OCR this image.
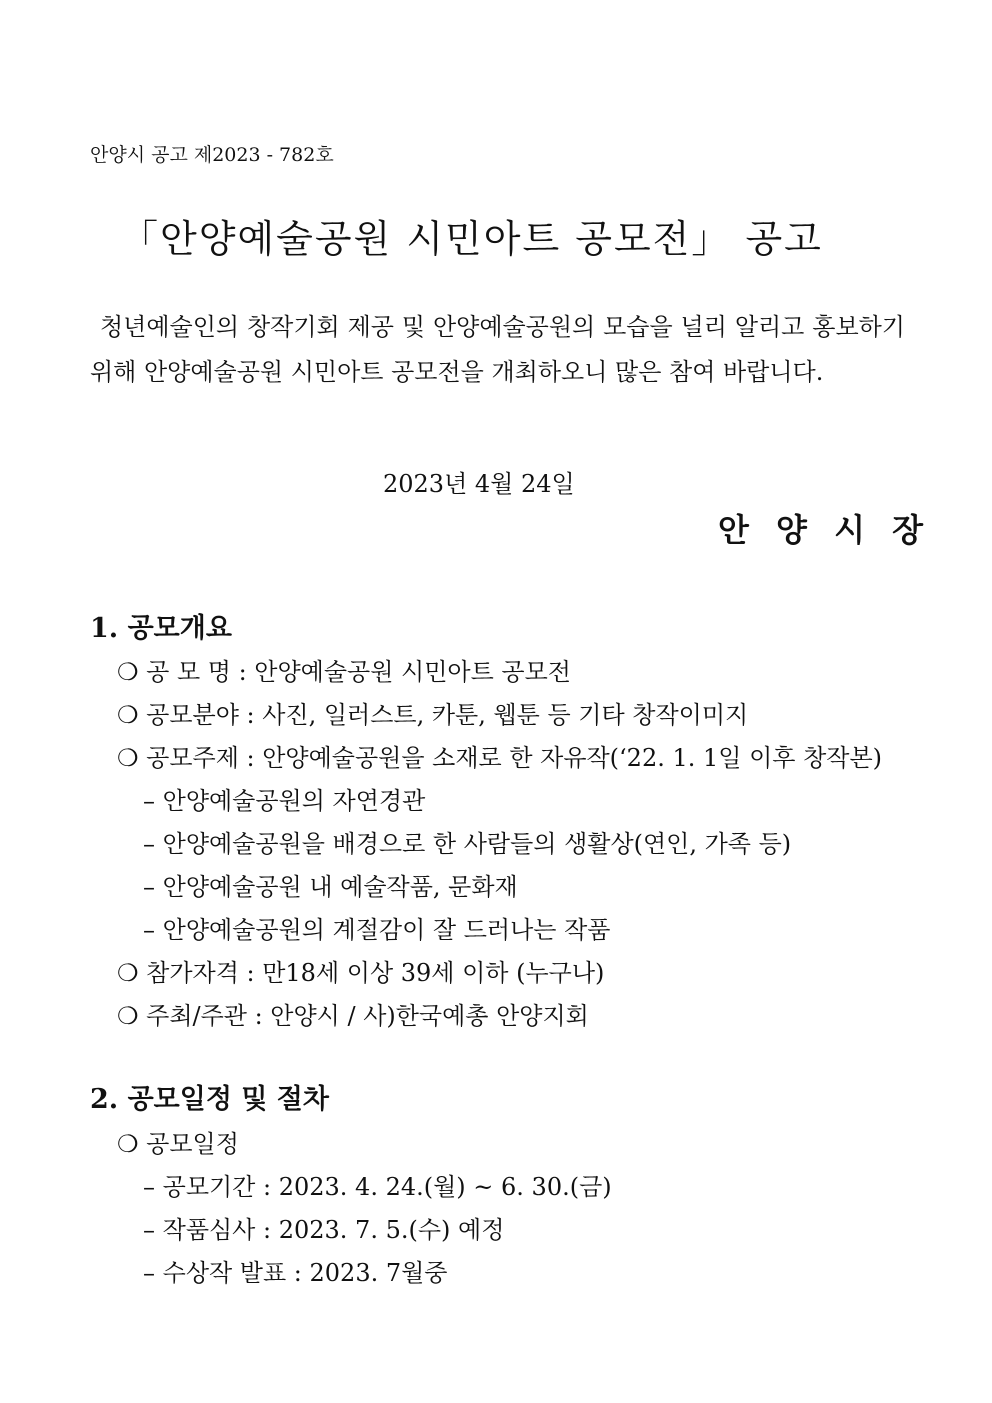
안양시 공고 제2023 - 782호
「안양예술공원 시민아트 공모전」 공고
청년예술인의 창작기회 제공 및 안양예술공원의 모습을 널리 알리고 홍보하기 위해 안양예술공원 시민아트 공모전을 개최하오니 많은 참여 바랍니다.
2023년 4월 24일
안 양 시 장
1. 공모개요
❍ 공 모 명 : 안양예술공원 시민아트 공모전
❍ 공모분야 : 사진, 일러스트, 카툰, 웹툰 등 기타 창작이미지
❍ 공모주제 : 안양예술공원을 소재로 한 자유작(‘22. 1. 1일 이후 창작본)
– 안양예술공원의 자연경관
– 안양예술공원을 배경으로 한 사람들의 생활상(연인, 가족 등)
– 안양예술공원 내 예술작품, 문화재
– 안양예술공원의 계절감이 잘 드러나는 작품
❍ 참가자격 : 만18세 이상 39세 이하 (누구나)
❍ 주최/주관 : 안양시 / 사)한국예총 안양지회
2. 공모일정 및 절차
❍ 공모일정
– 공모기간 : 2023. 4. 24.(월) ~ 6. 30.(금)
– 작품심사 : 2023. 7. 5.(수) 예정
– 수상작 발표 : 2023. 7월중
